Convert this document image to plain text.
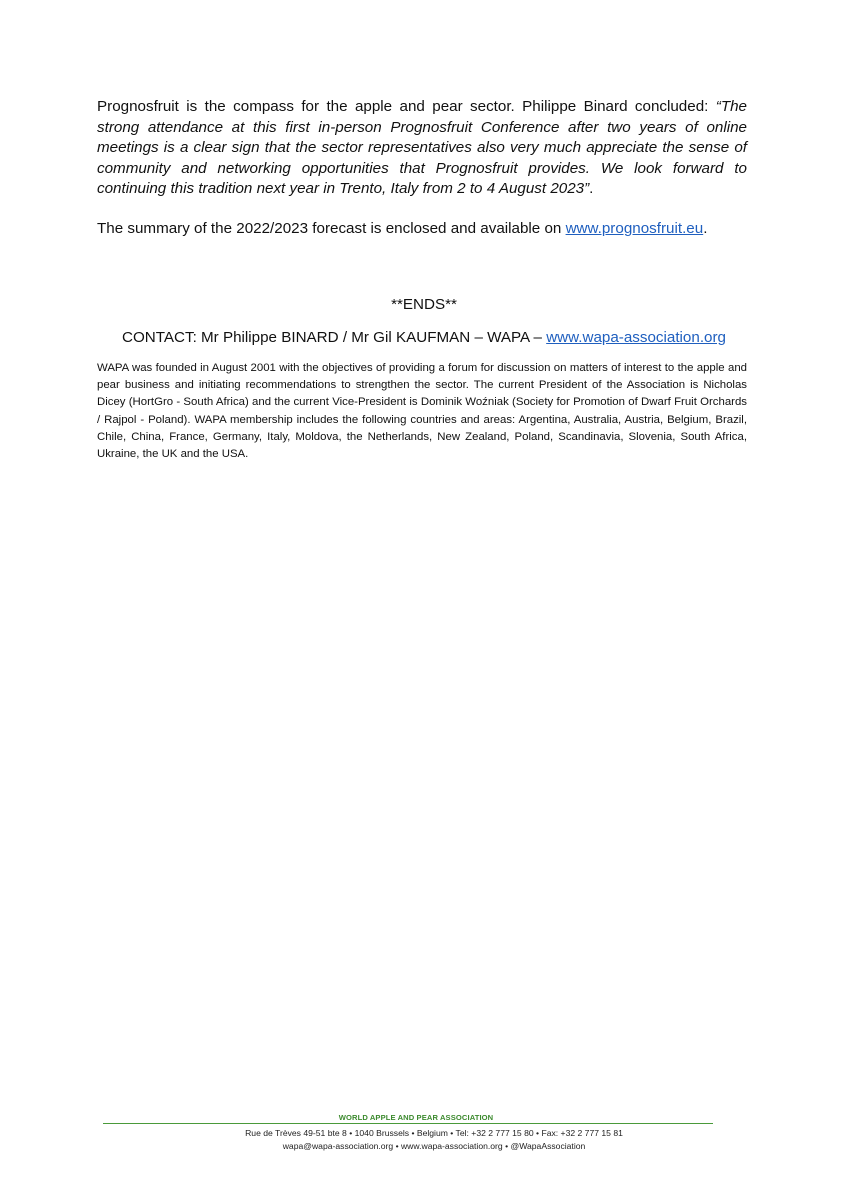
Prognosfruit is the compass for the apple and pear sector. Philippe Binard concluded: “The strong attendance at this first in-person Prognosfruit Conference after two years of online meetings is a clear sign that the sector representatives also very much appreciate the sense of community and networking opportunities that Prognosfruit provides. We look forward to continuing this tradition next year in Trento, Italy from 2 to 4 August 2023”.

The summary of the 2022/2023 forecast is enclosed and available on www.prognosfruit.eu.

**ENDS**
CONTACT: Mr Philippe BINARD / Mr Gil KAUFMAN – WAPA – www.wapa-association.org

WAPA was founded in August 2001 with the objectives of providing a forum for discussion on matters of interest to the apple and pear business and initiating recommendations to strengthen the sector. The current President of the Association is Nicholas Dicey (HortGro - South Africa) and the current Vice-President is Dominik Woźniak (Society for Promotion of Dwarf Fruit Orchards / Rajpol - Poland). WAPA membership includes the following countries and areas: Argentina, Australia, Austria, Belgium, Brazil, Chile, China, France, Germany, Italy, Moldova, the Netherlands, New Zealand, Poland, Scandinavia, Slovenia, South Africa, Ukraine, the UK and the USA.

WORLD APPLE AND PEAR ASSOCIATION
Rue de Trèves 49-51 bte 8 • 1040 Brussels • Belgium • Tel: +32 2 777 15 80 • Fax: +32 2 777 15 81
wapa@wapa-association.org • www.wapa-association.org • @WapaAssociation
